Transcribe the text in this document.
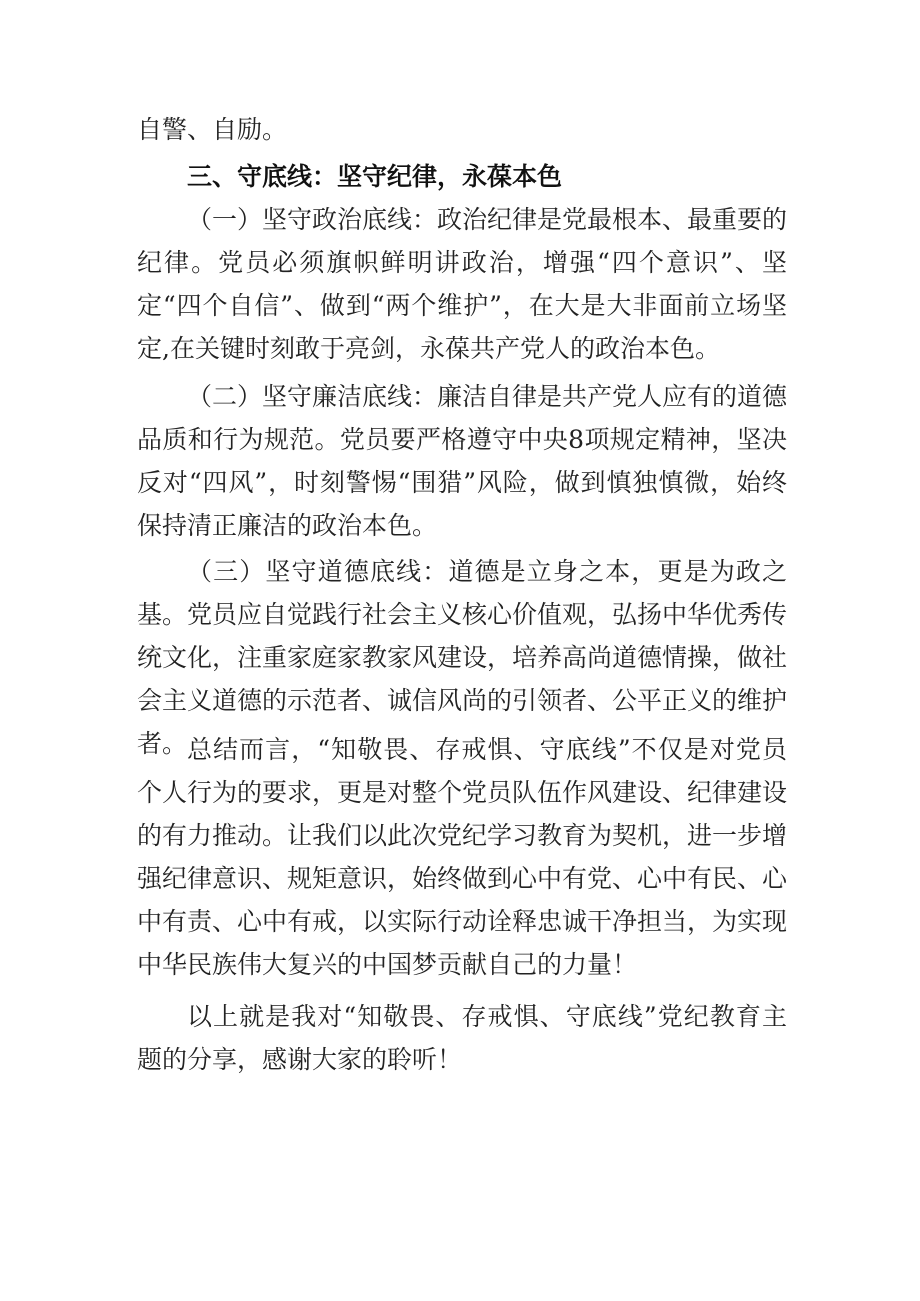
自警、自励。

三、守底线：坚守纪律，永葆本色

（一）坚守政治底线：政治纪律是党最根本、最重要的纪律。党员必须旗帜鲜明讲政治，增强“四个意识”、坚定“四个自信”、做到“两个维护”，在大是大非面前立场坚定,在关键时刻敢于亮剑，永葆共产党人的政治本色。

（二）坚守廉洁底线：廉洁自律是共产党人应有的道德品质和行为规范。党员要严格遵守中央8项规定精神，坚决反对“四风”，时刻警惕“围猎”风险，做到慎独慎微，始终保持清正廉洁的政治本色。

（三）坚守道德底线：道德是立身之本，更是为政之基。党员应自觉践行社会主义核心价值观，弘扬中华优秀传统文化，注重家庭家教家风建设，培养高尚道德情操，做社会主义道德的示范者、诚信风尚的引领者、公平正义的维护者。 总结而言，“知敬畏、存戒惧、守底线”不仅是对党员个人行为的要求，更是对整个党员队伍作风建设、纪律建设的有力推动。让我们以此次党纪学习教育为契机，进一步增强纪律意识、规矩意识，始终做到心中有党、心中有民、心中有责、心中有戒，以实际行动诠释忠诚干净担当，为实现中华民族伟大复兴的中国梦贡献自己的力量！

以上就是我对“知敬畏、存戒惧、守底线”党纪教育主题的分享，感谢大家的聆听！
